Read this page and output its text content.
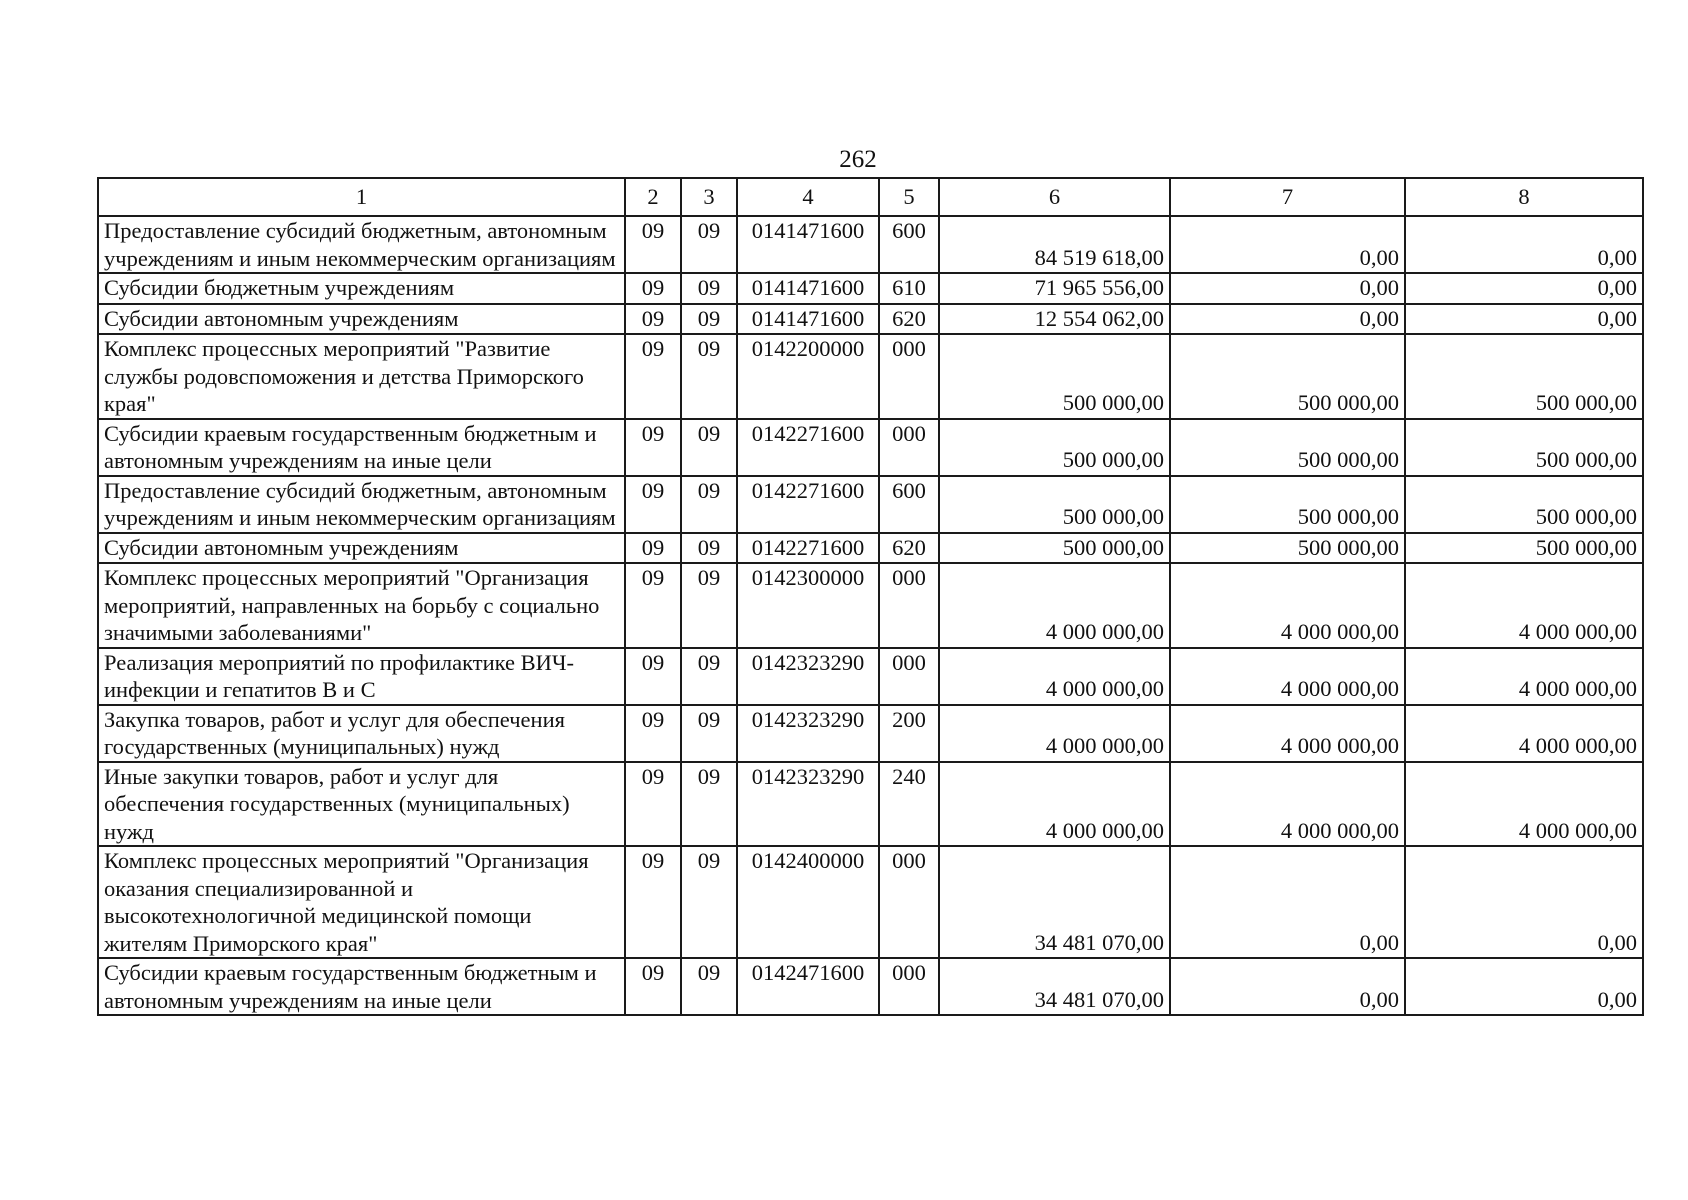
262
1	2	3	4	5	6	7	8
Предоставление субсидий бюджетным, автономным учреждениям и иным некоммерческим организациям	09	09	0141471600	600	84 519 618,00	0,00	0,00
Субсидии бюджетным учреждениям	09	09	0141471600	610	71 965 556,00	0,00	0,00
Субсидии автономным учреждениям	09	09	0141471600	620	12 554 062,00	0,00	0,00
Комплекс процессных мероприятий "Развитие службы родовспоможения и детства Приморского края"	09	09	0142200000	000	500 000,00	500 000,00	500 000,00
Субсидии краевым государственным бюджетным и автономным учреждениям на иные цели	09	09	0142271600	000	500 000,00	500 000,00	500 000,00
Предоставление субсидий бюджетным, автономным учреждениям и иным некоммерческим организациям	09	09	0142271600	600	500 000,00	500 000,00	500 000,00
Субсидии автономным учреждениям	09	09	0142271600	620	500 000,00	500 000,00	500 000,00
Комплекс процессных мероприятий "Организация мероприятий, направленных на борьбу с социально значимыми заболеваниями"	09	09	0142300000	000	4 000 000,00	4 000 000,00	4 000 000,00
Реализация мероприятий по профилактике ВИЧ-инфекции и гепатитов В и С	09	09	0142323290	000	4 000 000,00	4 000 000,00	4 000 000,00
Закупка товаров, работ и услуг для обеспечения государственных (муниципальных) нужд	09	09	0142323290	200	4 000 000,00	4 000 000,00	4 000 000,00
Иные закупки товаров, работ и услуг для обеспечения государственных (муниципальных) нужд	09	09	0142323290	240	4 000 000,00	4 000 000,00	4 000 000,00
Комплекс процессных мероприятий "Организация оказания специализированной и высокотехнологичной медицинской помощи жителям Приморского края"	09	09	0142400000	000	34 481 070,00	0,00	0,00
Субсидии краевым государственным бюджетным и автономным учреждениям на иные цели	09	09	0142471600	000	34 481 070,00	0,00	0,00
